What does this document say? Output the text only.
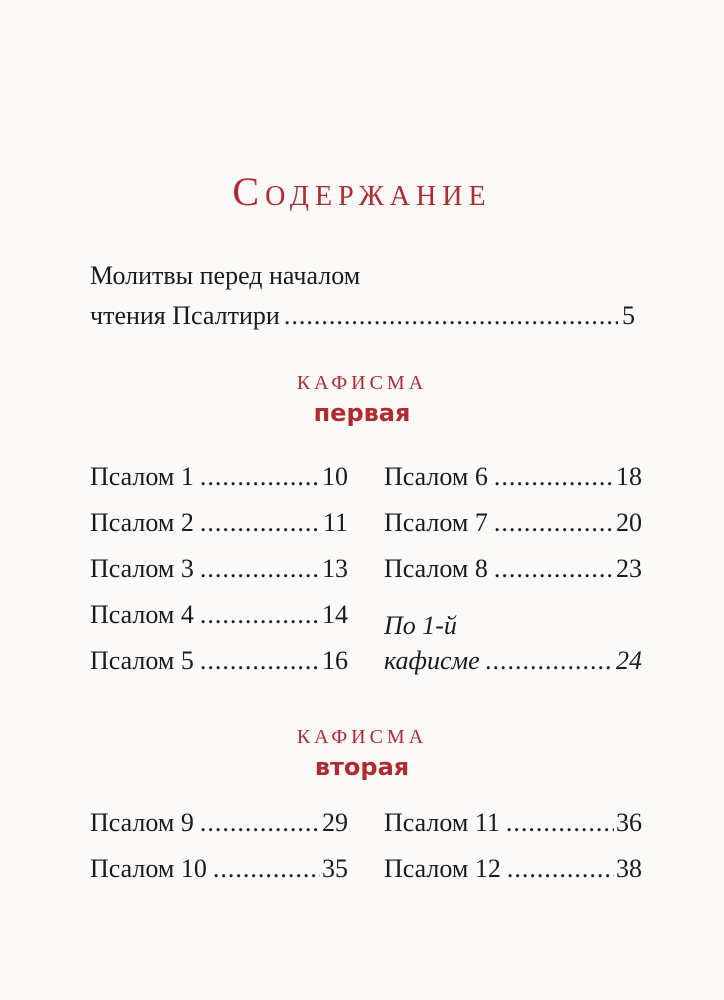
Содержание
Молитвы перед началом
чтения Псалтири .....	5
кафисма
первая
Псалом 1 .....	10
Псалом 2 .....	11
Псалом 3 .....	13
Псалом 4 .....	14
Псалом 5 .....	16
Псалом 6 .....	18
Псалом 7 .....	20
Псалом 8 .....	23
По 1-й
кафисме .....	24
кафисма
вторая
Псалом 9 .....	29
Псалом 10 .....	35
Псалом 11 .....	36
Псалом 12 .....	38
